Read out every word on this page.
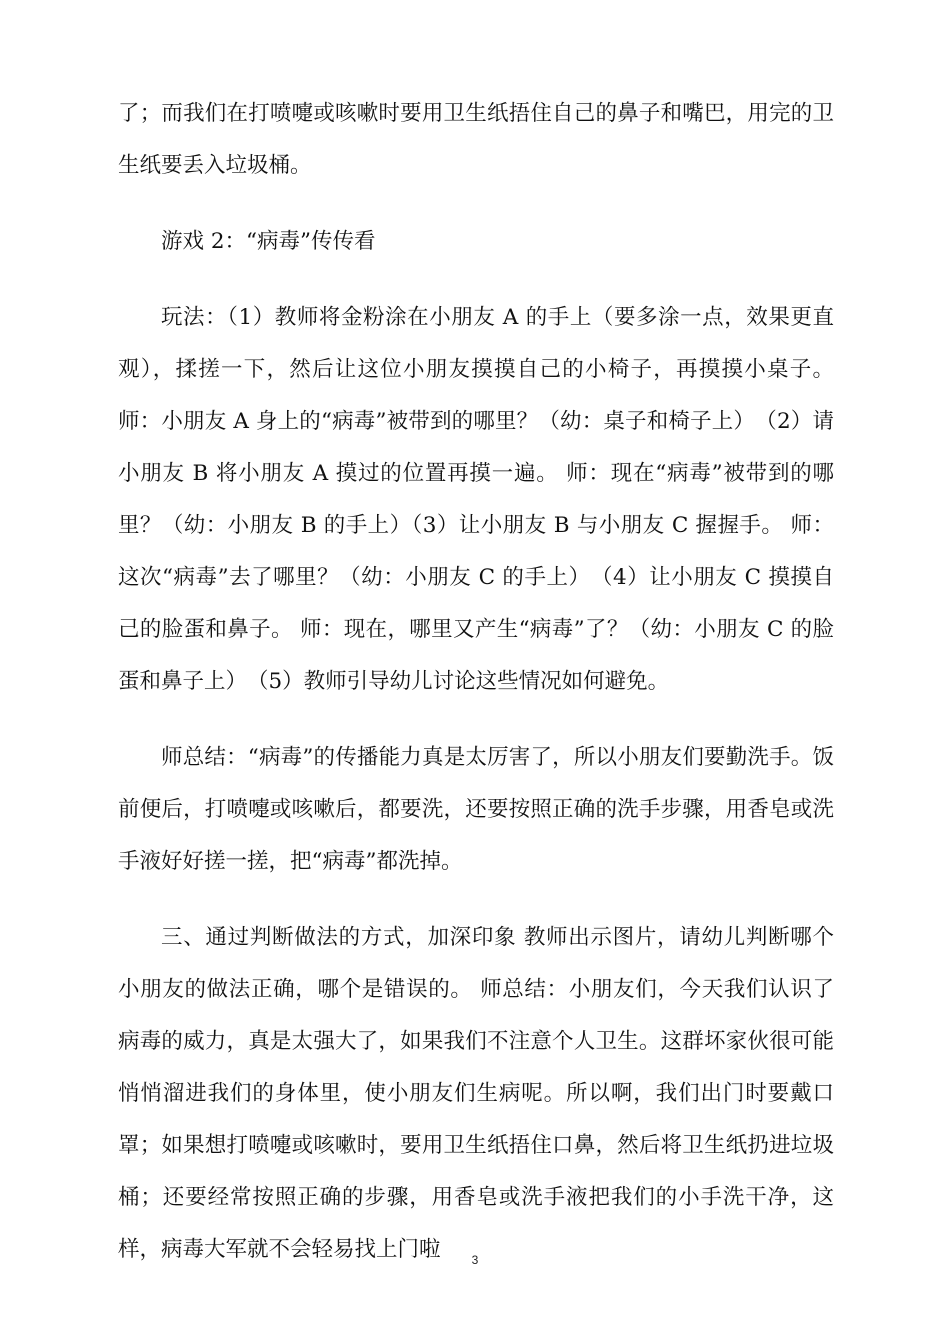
了；而我们在打喷嚏或咳嗽时要用卫生纸捂住自己的鼻子和嘴巴，用完的卫生纸要丢入垃圾桶。

游戏 2：“病毒”传传看

玩法：（1）教师将金粉涂在小朋友 A 的手上（要多涂一点，效果更直观），揉搓一下，然后让这位小朋友摸摸自己的小椅子，再摸摸小桌子。 师：小朋友 A 身上的“病毒”被带到的哪里？（幼：桌子和椅子上）　（2）请小朋友 B 将小朋友 A 摸过的位置再摸一遍。 师：现在“病毒”被带到的哪里？（幼：小朋友 B 的手上）（3）让小朋友 B 与小朋友 C 握握手。 师：这次“病毒”去了哪里？（幼：小朋友 C 的手上）　（4）让小朋友 C 摸摸自己的脸蛋和鼻子。 师：现在，哪里又产生“病毒”了？（幼：小朋友 C 的脸蛋和鼻子上）　（5）教师引导幼儿讨论这些情况如何避免。

师总结：“病毒”的传播能力真是太厉害了，所以小朋友们要勤洗手。饭前便后，打喷嚏或咳嗽后，都要洗，还要按照正确的洗手步骤，用香皂或洗手液好好搓一搓，把“病毒”都洗掉。

三、通过判断做法的方式，加深印象 教师出示图片，请幼儿判断哪个小朋友的做法正确，哪个是错误的。 师总结：小朋友们，今天我们认识了病毒的威力，真是太强大了，如果我们不注意个人卫生。这群坏家伙很可能悄悄溜进我们的身体里，使小朋友们生病呢。所以啊，我们出门时要戴口罩；如果想打喷嚏或咳嗽时，要用卫生纸捂住口鼻，然后将卫生纸扔进垃圾桶；还要经常按照正确的步骤，用香皂或洗手液把我们的小手洗干净，这样，病毒大军就不会轻易找上门啦	3
